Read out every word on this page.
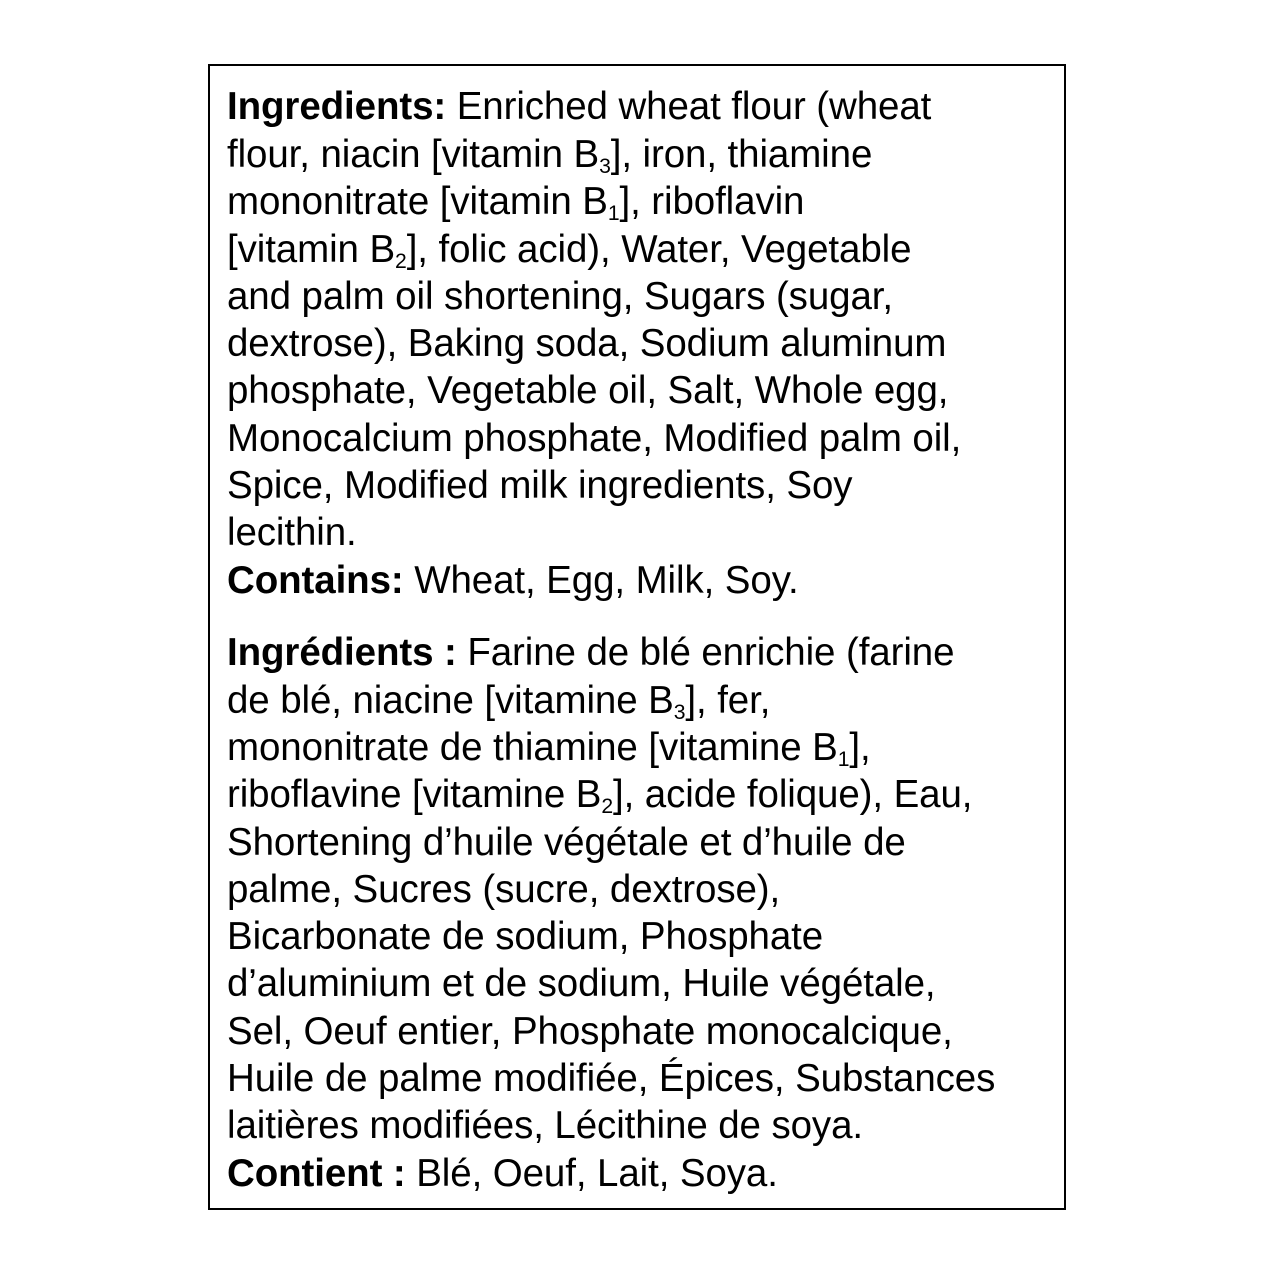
Ingredients: Enriched wheat flour (wheat
flour, niacin [vitamin $B_3$], iron, thiamine
mononitrate [vitamin $B_1$], riboflavin
[vitamin $B_2$], folic acid), Water, Vegetable
and palm oil shortening, Sugars (sugar,
dextrose), Baking soda, Sodium aluminum
phosphate, Vegetable oil, Salt, Whole egg,
Monocalcium phosphate, Modified palm oil,
Spice, Modified milk ingredients, Soy
lecithin.
Contains: Wheat, Egg, Milk, Soy.
Ingrédients : Farine de blé enrichie (farine
de blé, niacine [vitamine $B_3$], fer,
mononitrate de thiamine [vitamine $B_1$],
riboflavine [vitamine $B_2$], acide folique), Eau,
Shortening d’huile végétale et d’huile de
palme, Sucres (sucre, dextrose),
Bicarbonate de sodium, Phosphate
d’aluminium et de sodium, Huile végétale,
Sel, Oeuf entier, Phosphate monocalcique,
Huile de palme modifiée, Épices, Substances
laitières modifiées, Lécithine de soya.
Contient : Blé, Oeuf, Lait, Soya.
